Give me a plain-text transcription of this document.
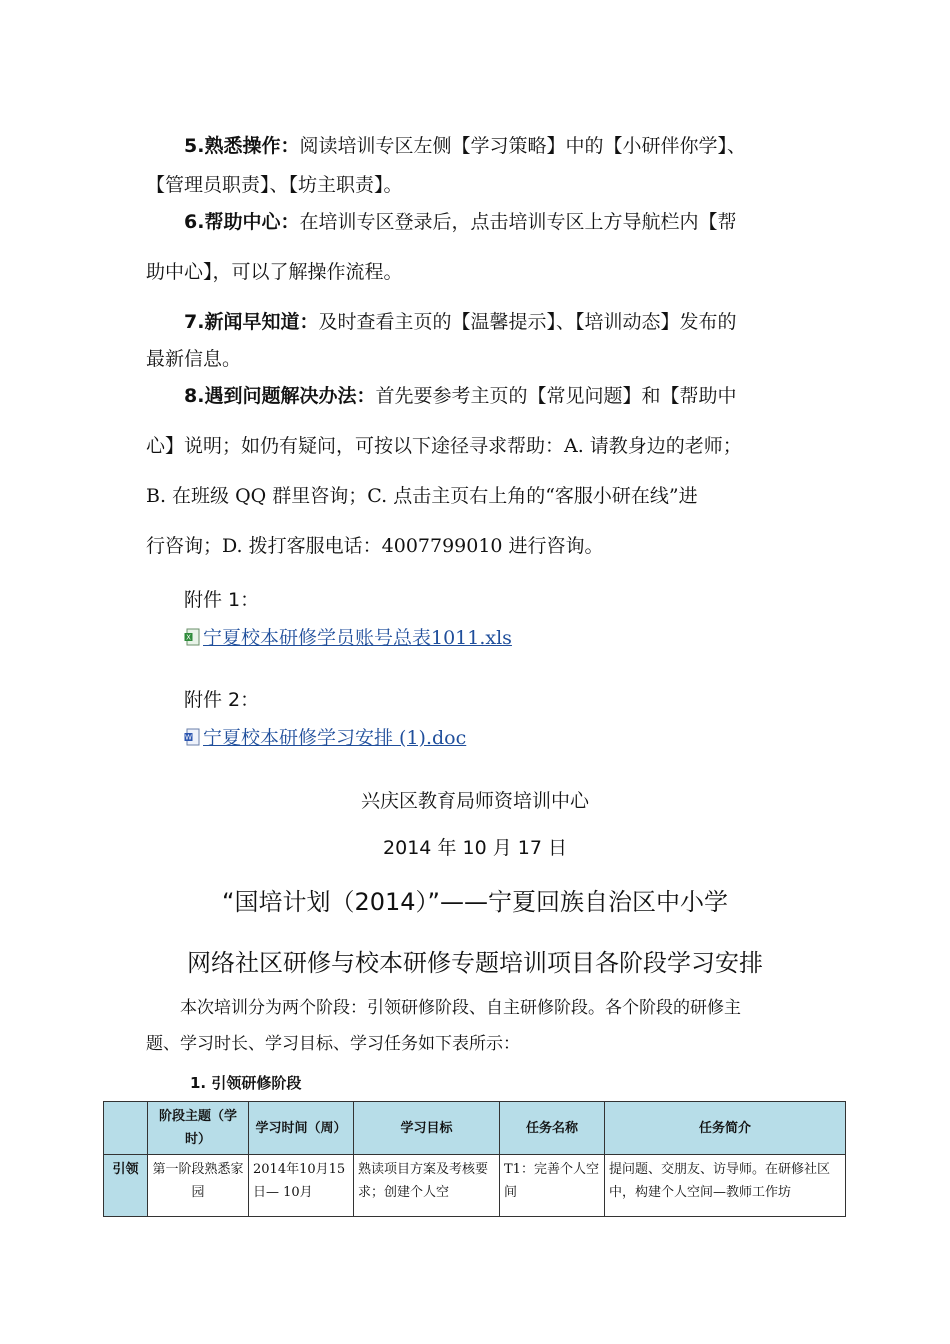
5.熟悉操作：阅读培训专区左侧【学习策略】中的【小研伴你学】、
【管理员职责】、【坊主职责】。
6.帮助中心：在培训专区登录后，点击培训专区上方导航栏内【帮
助中心】，可以了解操作流程。
7.新闻早知道：及时查看主页的【温馨提示】、【培训动态】发布的
最新信息。
8.遇到问题解决办法：首先要参考主页的【常见问题】和【帮助中
心】说明；如仍有疑问，可按以下途径寻求帮助：A. 请教身边的老师；
B. 在班级 QQ 群里咨询；C. 点击主页右上角的“客服小研在线”进
行咨询；D. 拨打客服电话：4007799010 进行咨询。
附件 1：
X 宁夏校本研修学员账号总表1011.xls
附件 2：
W 宁夏校本研修学习安排 (1).doc
兴庆区教育局师资培训中心
2014 年 10 月 17 日
“国培计划（2014）”——宁夏回族自治区中小学
网络社区研修与校本研修专题培训项目各阶段学习安排
本次培训分为两个阶段：引领研修阶段、自主研修阶段。各个阶段的研修主
题、学习时长、学习目标、学习任务如下表所示：
1. 引领研修阶段
	阶段主题（学时）	学习时间（周）	学习目标	任务名称	任务简介
引领	第一阶段熟悉家园	2014年10月15日— 10月	熟读项目方案及考核要求；创建个人空	T1：完善个人空间	提问题、交朋友、访导师。在研修社区中，构建个人空间—教师工作坊
